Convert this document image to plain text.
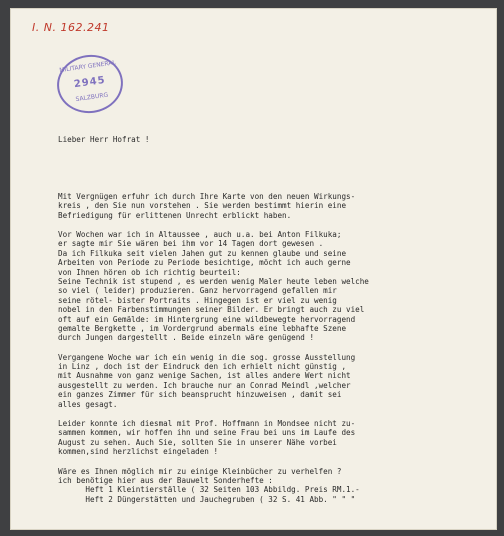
I. N. 162.241
MILITARY GENERAL
2945
SALZBURG

Lieber Herr Hofrat !

Mit Vergnügen erfuhr ich durch Ihre Karte von den neuen Wirkungs-
kreis , den Sie nun vorstehen . Sie werden bestimmt hierin eine
Befriedigung für erlittenen Unrecht erblickt haben.
Vor Wochen war ich in Altaussee , auch u.a. bei Anton Filkuka;
er sagte mir Sie wären bei ihm vor 14 Tagen dort gewesen .
Da ich Filkuka seit vielen Jahen gut zu kennen glaube und seine
Arbeiten von Periode zu Periode besichtige, möcht ich auch gerne
von Ihnen hören ob ich richtig beurteil:
Seine Technik ist stupend , es werden wenig Maler heute leben welche
so viel ( leider) produzieren. Ganz hervorragend gefallen mir
seine rötel- bister Portraits . Hingegen ist er viel zu wenig
nobel in den Farbenstimmungen seiner Bilder. Er bringt auch zu viel
oft auf ein Gemälde: im Hintergrung eine wildbewegte hervorragend
gemalte Bergkette , im Vordergrund abermals eine lebhafte Szene
durch Jungen dargestellt . Beide einzeln wäre genügend !
Vergangene Woche war ich ein wenig in die sog. grosse Ausstellung
in Linz , doch ist der Eindruck den ich erhielt nicht günstig ,
mit Ausnahme von ganz wenige Sachen, ist alles andere Wert nicht
ausgestellt zu werden. Ich brauche nur an Conrad Meindl ,welcher
ein ganzes Zimmer für sich beansprucht hinzuweisen , damit sei
alles gesagt.
Leider konnte ich diesmal mit Prof. Hoffmann in Mondsee nicht zu-
sammen kommen, wir hoffen ihn und seine Frau bei uns im Laufe des
August zu sehen. Auch Sie, sollten Sie in unserer Nähe vorbei
kommen,sind herzlichst eingeladen !
Wäre es Ihnen möglich mir zu einige Kleinbücher zu verhelfen ?
ich benötige hier aus der Bauwelt Sonderhefte :
Heft 1 Kleintierställe ( 32 Seiten 103 Abbildg. Preis RM.1.-
Heft 2 Düngerstätten und Jauchegruben ( 32 S. 41 Abb. " " "
